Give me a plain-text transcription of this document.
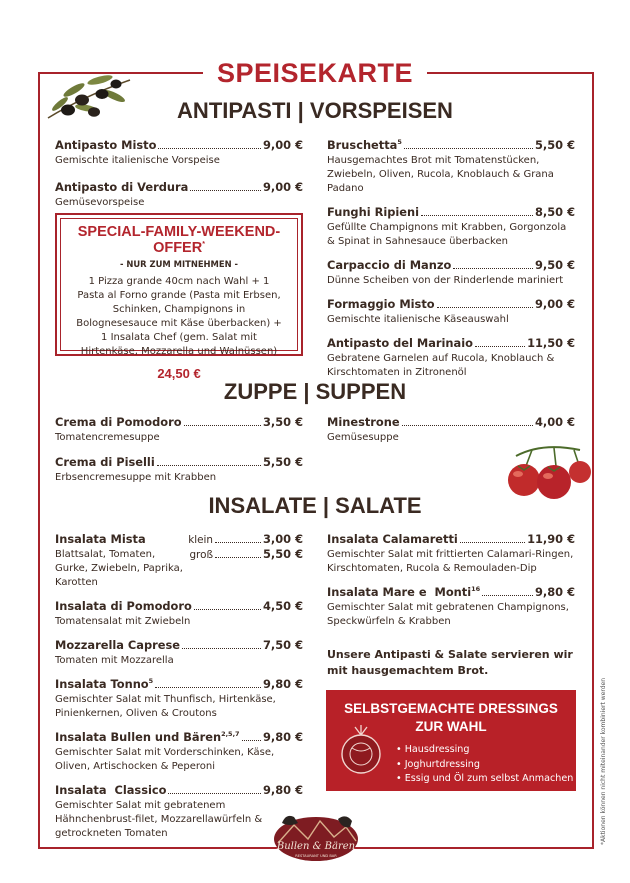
SPEISEKARTE
ANTIPASTI | VORSPEISEN
Antipasto Misto	9,00 €
Gemischte italienische Vorspeise
Antipasto di Verdura	9,00 €
Gemüsevorspeise
SPECIAL-FAMILY-WEEKEND-OFFER*
- NUR ZUM MITNEHMEN -
1 Pizza grande 40cm nach Wahl + 1 Pasta al Forno grande (Pasta mit Erbsen, Schinken, Champignons in Bolognesesauce mit Käse überbacken) + 1 Insalata Chef (gem. Salat mit Hirtenkäse, Mozzarella und Walnüssen)
24,50 €
Bruschetta$^5$	5,50 €
Hausgemachtes Brot mit Tomatenstücken, Zwiebeln, Oliven, Rucola, Knoblauch & Grana Padano
Funghi Ripieni	8,50 €
Gefüllte Champignons mit Krabben, Gorgonzola & Spinat in Sahnesauce überbacken
Carpaccio di Manzo	9,50 €
Dünne Scheiben von der Rinderlende mariniert
Formaggio Misto	9,00 €
Gemischte italienische Käseauswahl
Antipasto del Marinaio	11,50 €
Gebratene Garnelen auf Rucola, Knoblauch & Kirschtomaten in Zitronenöl
ZUPPE | SUPPEN
Crema di Pomodoro	3,50 €
Tomatencremesuppe
Crema di Piselli	5,50 €
Erbsencremesuppe mit Krabben
Minestrone	4,00 €
Gemüsesuppe
INSALATE | SALATE
Insalata Mista	klein	3,00 €
Blattsalat, Tomaten, Gurke, Zwiebeln, Paprika, Karotten
groß	5,50 €
Insalata di Pomodoro	4,50 €
Tomatensalat mit Zwiebeln
Mozzarella Caprese	7,50 €
Tomaten mit Mozzarella
Insalata Tonno$^5$	9,80 €
Gemischter Salat mit Thunfisch, Hirtenkäse, Pinienkernen, Oliven & Croutons
Insalata Bullen und Bären$^{2,5,7}$ 9,80 €
Gemischter Salat mit Vorderschinken, Käse, Oliven, Artischocken & Peperoni
Insalata  Classico	9,80 €
Gemischter Salat mit gebratenem Hähnchenbrust-filet, Mozzarellawürfeln & getrockneten Tomaten
Insalata Calamaretti	11,90 €
Gemischter Salat mit frittierten Calamari-Ringen, Kirschtomaten, Rucola & Remouladen-Dip
Insalata Mare e  Monti$^{16}$	9,80 €
Gemischter Salat mit gebratenen Champignons, Speckwürfeln & Krabben
Unsere Antipasti & Salate servieren wir mit hausgemachtem Brot.
SELBSTGEMACHTE DRESSINGS
ZUR WAHL
• Hausdressing
• Joghurtdressing
• Essig und Öl zum selbst Anmachen	*Aktionen können nicht miteinander kombiniert werden
Bullen & Bären
RESTAURANT UND BAR
